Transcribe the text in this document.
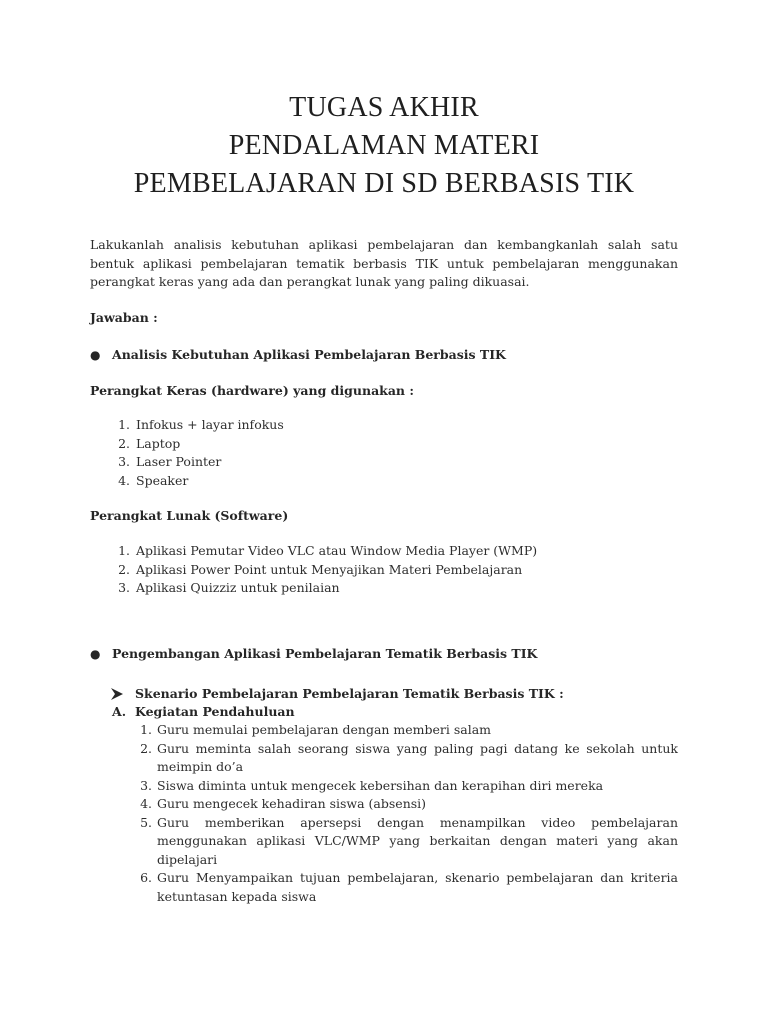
TUGAS AKHIR
PENDALAMAN MATERI
PEMBELAJARAN DI SD BERBASIS TIK
Lakukanlah analisis kebutuhan aplikasi pembelajaran dan kembangkanlah salah satu bentuk aplikasi pembelajaran tematik berbasis TIK untuk pembelajaran menggunakan perangkat keras yang ada dan perangkat lunak yang paling dikuasai.
Jawaban :
● Analisis Kebutuhan Aplikasi Pembelajaran Berbasis TIK
Perangkat Keras (hardware) yang digunakan :
1. Infokus + layar infokus
2. Laptop
3. Laser Pointer
4. Speaker
Perangkat Lunak (Software)
1. Aplikasi Pemutar Video VLC atau Window Media Player (WMP)
2. Aplikasi Power Point untuk Menyajikan Materi Pembelajaran
3. Aplikasi Quizziz untuk penilaian
● Pengembangan Aplikasi Pembelajaran Tematik Berbasis TIK
Skenario Pembelajaran Pembelajaran Tematik Berbasis TIK :
A. Kegiatan Pendahuluan
1. Guru memulai pembelajaran dengan memberi salam
2. Guru meminta salah seorang siswa yang paling pagi datang ke sekolah untuk meimpin do’a
3. Siswa diminta untuk mengecek kebersihan dan kerapihan diri mereka
4. Guru mengecek kehadiran siswa (absensi)
5. Guru memberikan apersepsi dengan menampilkan video pembelajaran menggunakan aplikasi VLC/WMP yang berkaitan dengan materi yang akan dipelajari
6. Guru Menyampaikan tujuan pembelajaran, skenario pembelajaran dan kriteria ketuntasan kepada siswa
